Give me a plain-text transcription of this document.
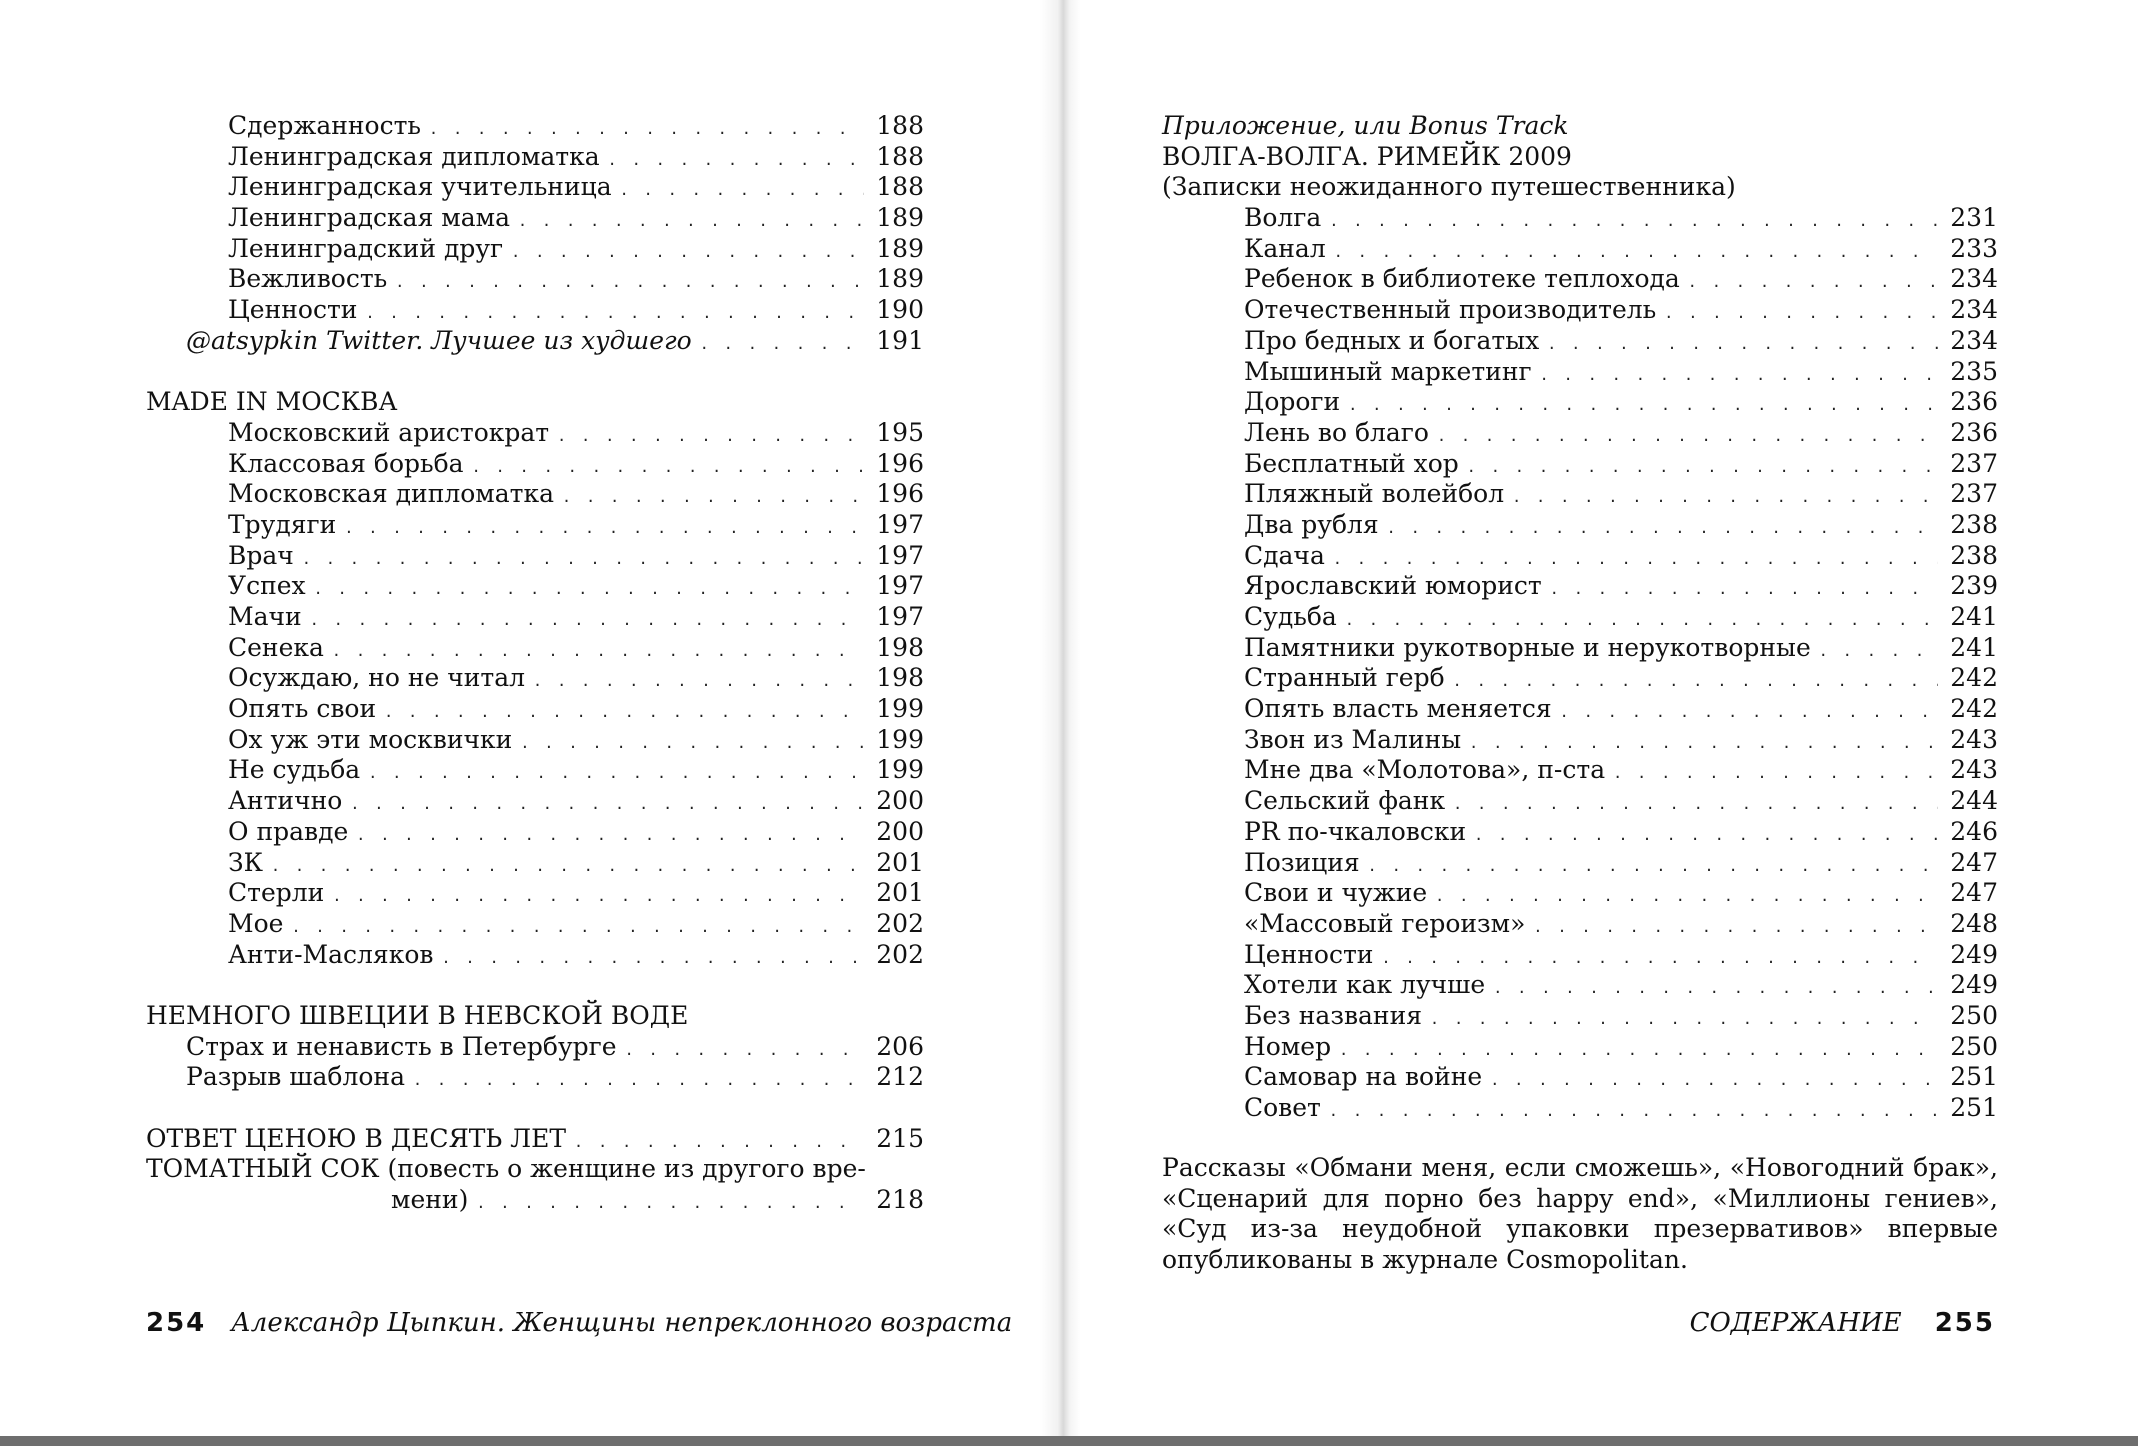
Сдержанность . . .	188
Ленинградская дипломатка . . .	188
Ленинградская учительница . . .	188
Ленинградская мама . . .	189
Ленинградский друг . . .	189
Вежливость . . .	189
Ценности . . .	190
@atsypkin Twitter. Лучшее из худшего . . .	191
MADE IN МОСКВА
Московский аристократ . . .	195
Классовая борьба . . .	196
Московская дипломатка . . .	196
Трудяги . . .	197
Врач . . .	197
Успех . . .	197
Мачи . . .	197
Сенека . . .	198
Осуждаю, но не читал . . .	198
Опять свои . . .	199
Ох уж эти москвички . . .	199
Не судьба . . .	199
Антично . . .	200
О правде . . .	200
ЗК . . .	201
Стерли . . .	201
Мое . . .	202
Анти-Масляков . . .	202
НЕМНОГО ШВЕЦИИ В НЕВСКОЙ ВОДЕ
Страх и ненависть в Петербурге . . .	206
Разрыв шаблона . . .	212
ОТВЕТ ЦЕНОЮ В ДЕСЯТЬ ЛЕТ . . .	215
ТОМАТНЫЙ СОК (повесть о женщине из другого вре-
мени) . . .	218
254 Александр Цыпкин. Женщины непреклонного возраста
Приложение, или Bonus Track
ВОЛГА-ВОЛГА. РИМЕЙК 2009
(Записки неожиданного путешественника)
Волга . . .	231
Канал . . .	233
Ребенок в библиотеке теплохода . . .	234
Отечественный производитель . . .	234
Про бедных и богатых . . .	234
Мышиный маркетинг . . .	235
Дороги . . .	236
Лень во благо . . .	236
Бесплатный хор . . .	237
Пляжный волейбол . . .	237
Два рубля . . .	238
Сдача . . .	238
Ярославский юморист . . .	239
Судьба . . .	241
Памятники рукотворные и нерукотворные . . .	241
Странный герб . . .	242
Опять власть меняется . . .	242
Звон из Малины . . .	243
Мне два «Молотова», п-ста . . .	243
Сельский фанк . . .	244
PR по-чкаловски . . .	246
Позиция . . .	247
Свои и чужие . . .	247
«Массовый героизм» . . .	248
Ценности . . .	249
Хотели как лучше . . .	249
Без названия . . .	250
Номер . . .	250
Самовар на войне . . .	251
Совет . . .	251
Рассказы «Обмани меня, если сможешь», «Новогодний брак», «Сценарий для порно без happy end», «Миллионы гениев», «Суд из-за неудобной упаковки презервативов» впервые опубликованы в журнале Cosmopolitan.
СОДЕРЖАНИЕ 255
